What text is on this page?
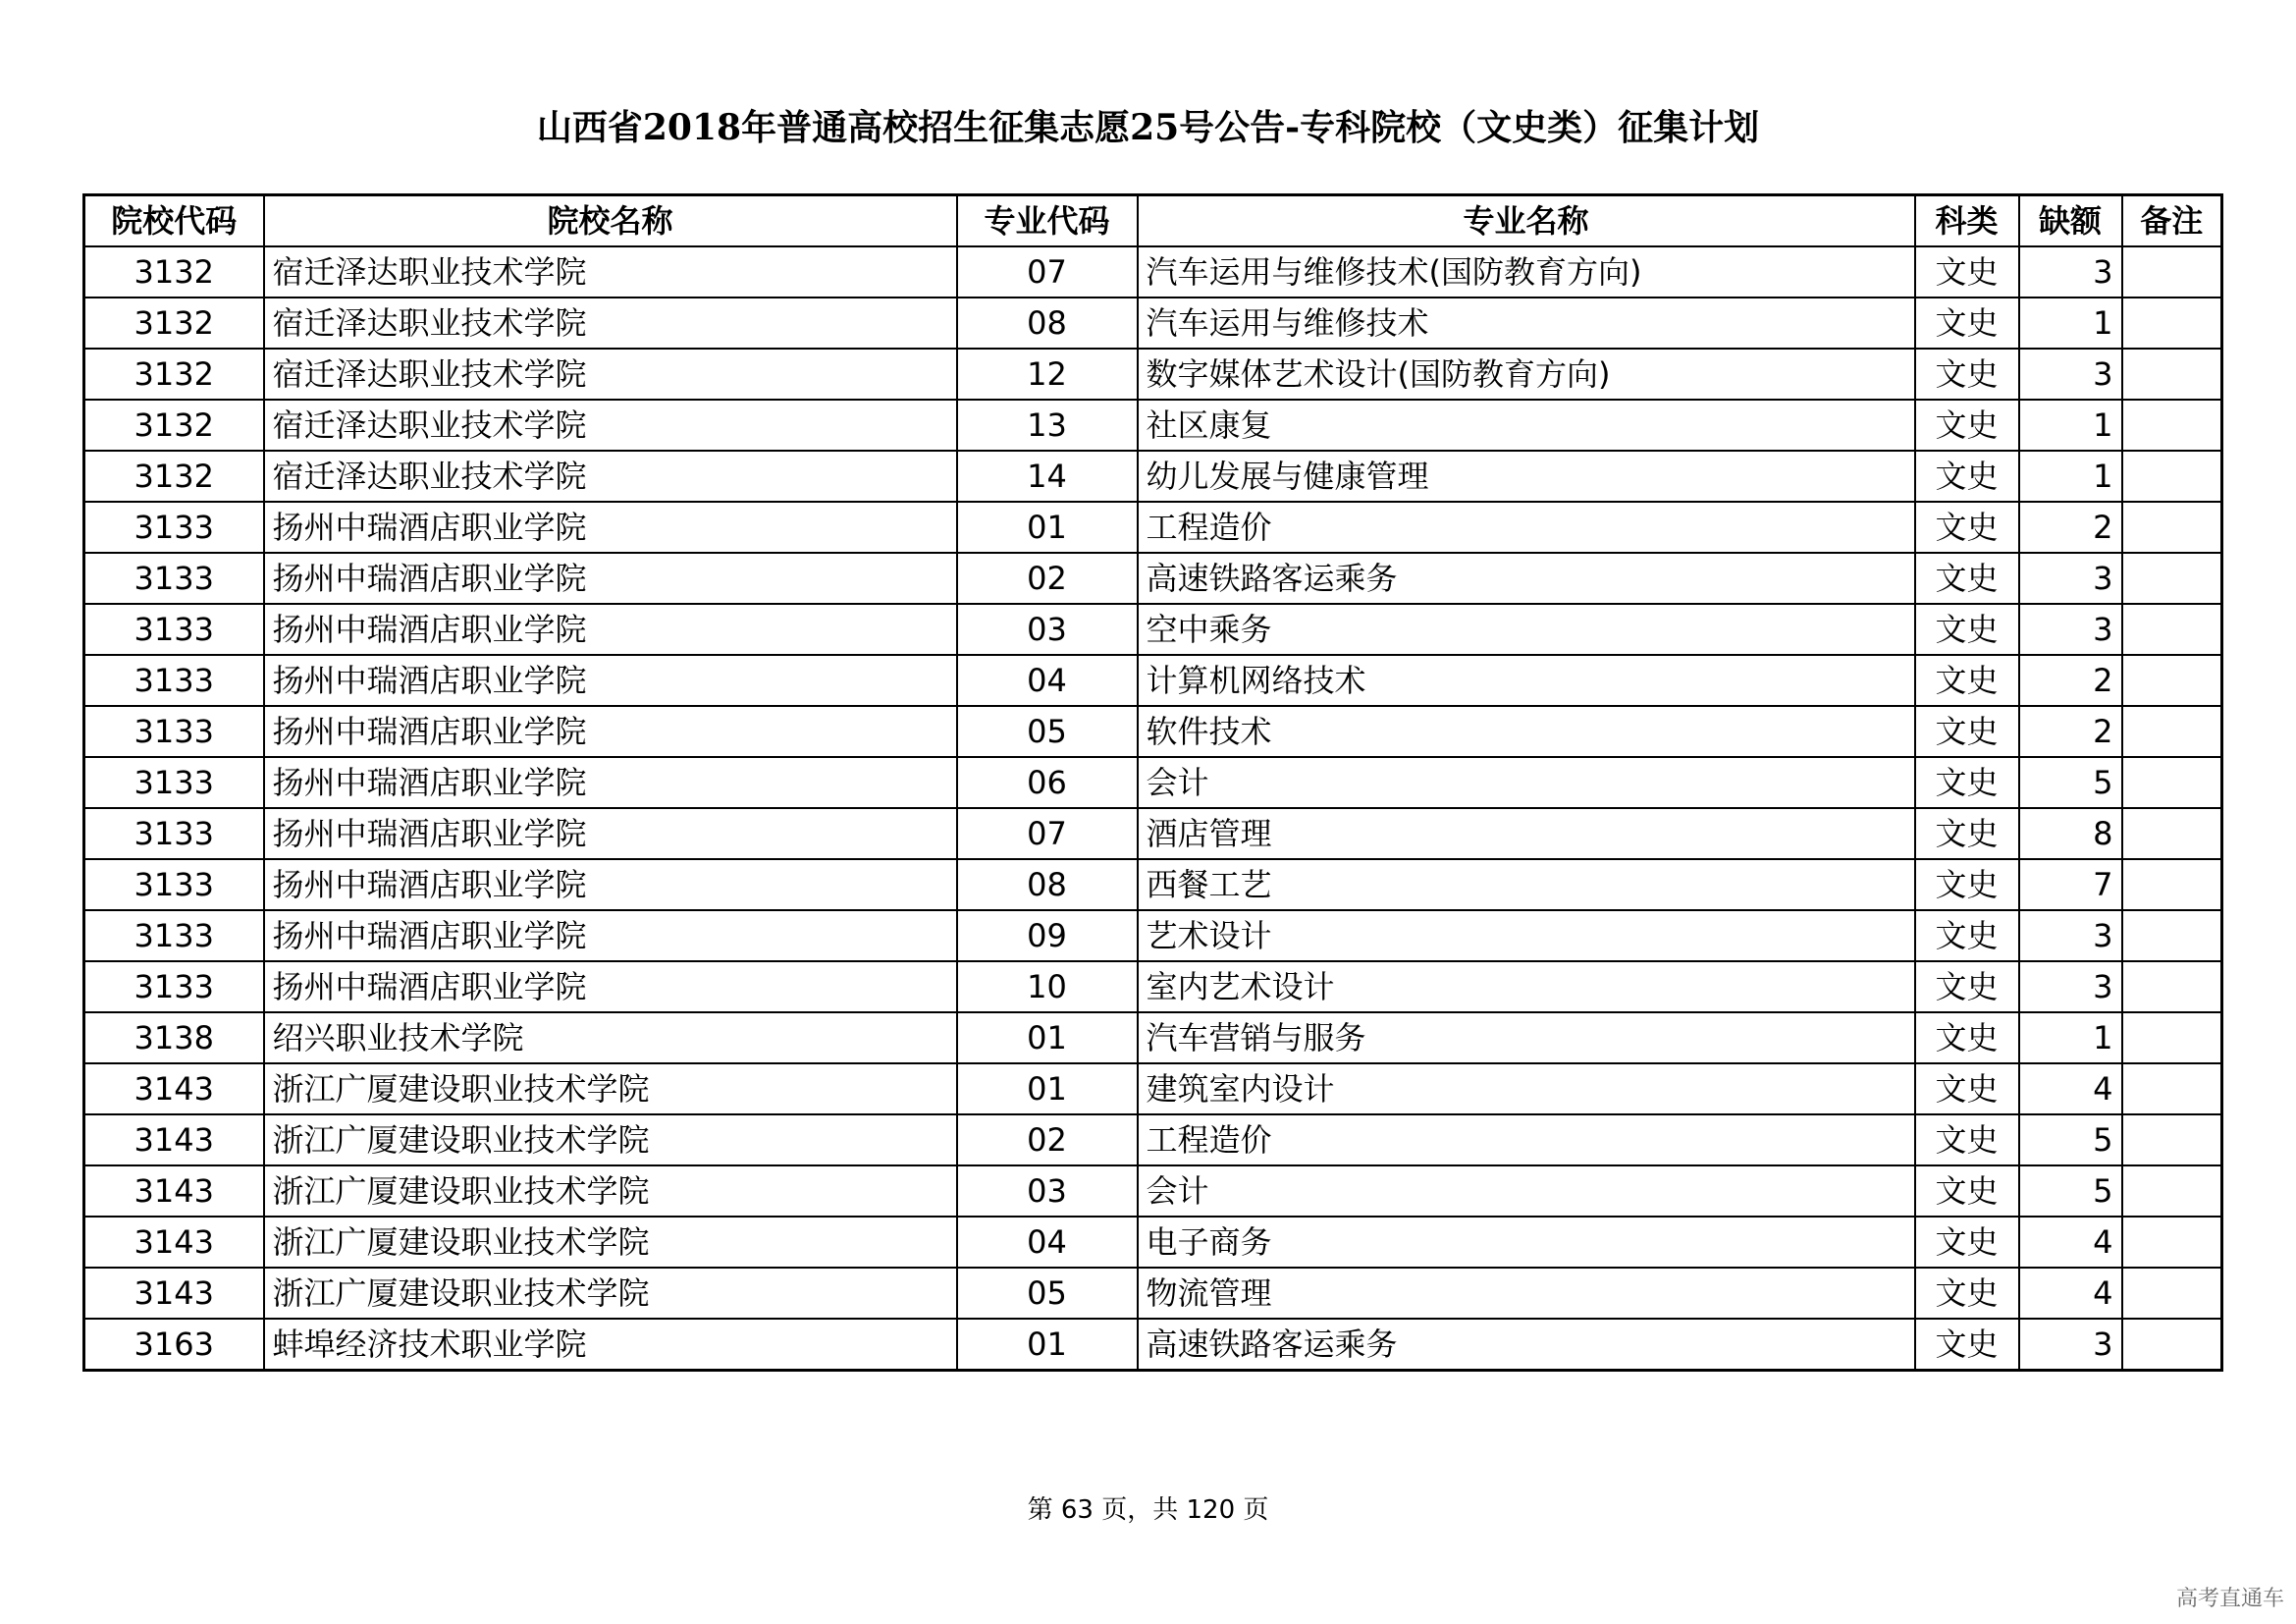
山西省2018年普通高校招生征集志愿25号公告-专科院校（文史类）征集计划
院校代码	院校名称	专业代码	专业名称	科类	缺额	备注
3132	宿迁泽达职业技术学院	07	汽车运用与维修技术(国防教育方向)	文史	3	
3132	宿迁泽达职业技术学院	08	汽车运用与维修技术	文史	1	
3132	宿迁泽达职业技术学院	12	数字媒体艺术设计(国防教育方向)	文史	3	
3132	宿迁泽达职业技术学院	13	社区康复	文史	1	
3132	宿迁泽达职业技术学院	14	幼儿发展与健康管理	文史	1	
3133	扬州中瑞酒店职业学院	01	工程造价	文史	2	
3133	扬州中瑞酒店职业学院	02	高速铁路客运乘务	文史	3	
3133	扬州中瑞酒店职业学院	03	空中乘务	文史	3	
3133	扬州中瑞酒店职业学院	04	计算机网络技术	文史	2	
3133	扬州中瑞酒店职业学院	05	软件技术	文史	2	
3133	扬州中瑞酒店职业学院	06	会计	文史	5	
3133	扬州中瑞酒店职业学院	07	酒店管理	文史	8	
3133	扬州中瑞酒店职业学院	08	西餐工艺	文史	7	
3133	扬州中瑞酒店职业学院	09	艺术设计	文史	3	
3133	扬州中瑞酒店职业学院	10	室内艺术设计	文史	3	
3138	绍兴职业技术学院	01	汽车营销与服务	文史	1	
3143	浙江广厦建设职业技术学院	01	建筑室内设计	文史	4	
3143	浙江广厦建设职业技术学院	02	工程造价	文史	5	
3143	浙江广厦建设职业技术学院	03	会计	文史	5	
3143	浙江广厦建设职业技术学院	04	电子商务	文史	4	
3143	浙江广厦建设职业技术学院	05	物流管理	文史	4	
3163	蚌埠经济技术职业学院	01	高速铁路客运乘务	文史	3	
第 63 页，共 120 页
高考直通车
